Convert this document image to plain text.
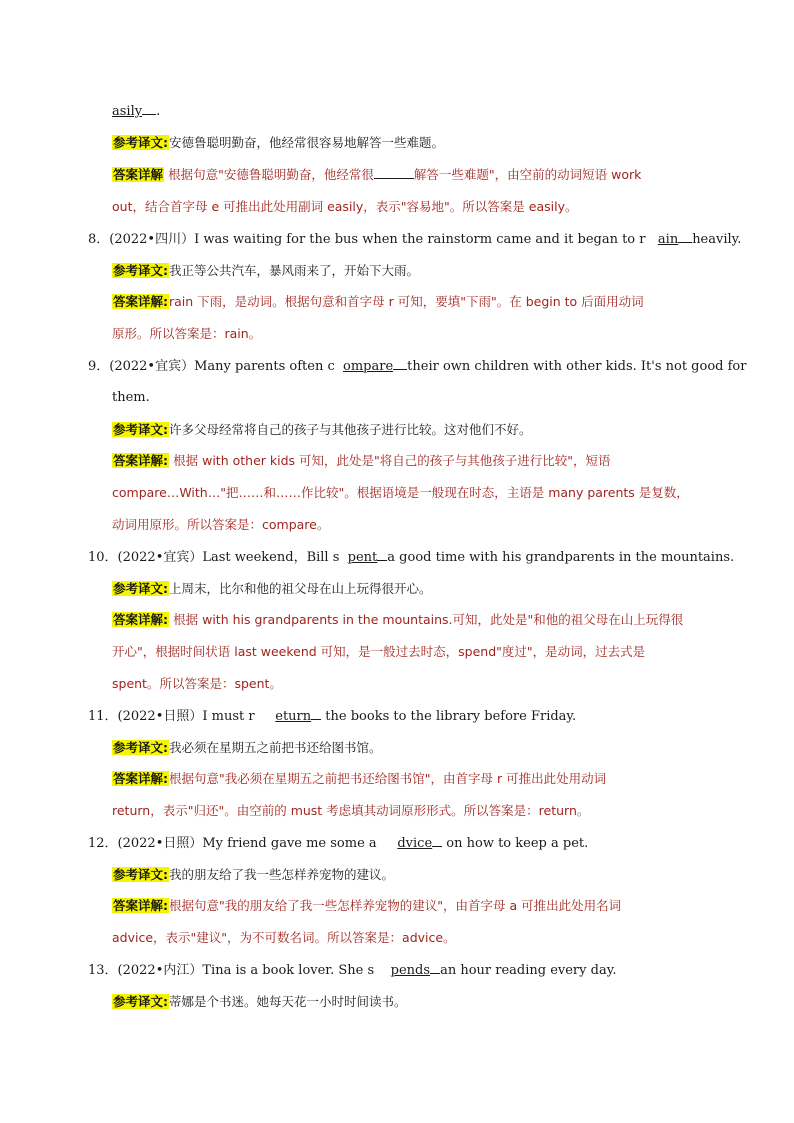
asily .
参考译文:安德鲁聪明勤奋，他经常很容易地解答一些难题。
答案详解 根据句意"安德鲁聪明勤奋，他经常很	解答一些难题"，由空前的动词短语 work
out，结合首字母 e 可推出此处用副词 easily，表示"容易地"。所以答案是 easily。
8．(2022•四川）I was waiting for the bus when the rainstorm came and it began to r ain heavily.
参考译文:我正等公共汽车，暴风雨来了，开始下大雨。
答案详解:rain 下雨，是动词。根据句意和首字母 r 可知，要填"下雨"。在 begin to 后面用动词
原形。所以答案是：rain。
9．(2022•宜宾）Many parents often c ompare their own children with other kids. It's not good for
them.
参考译文:许多父母经常将自己的孩子与其他孩子进行比较。这对他们不好。
答案详解: 根据 with other kids 可知，此处是"将自己的孩子与其他孩子进行比较"，短语
compare…With…"把……和……作比较"。根据语境是一般现在时态，主语是 many parents 是复数，
动词用原形。所以答案是：compare。
10．(2022•宜宾）Last weekend，Bill s pent a good time with his grandparents in the mountains.
参考译文:上周末，比尔和他的祖父母在山上玩得很开心。
答案详解: 根据 with his grandparents in the mountains.可知，此处是"和他的祖父母在山上玩得很
开心"，根据时间状语 last weekend 可知，是一般过去时态，spend"度过"，是动词，过去式是
spent。所以答案是：spent。
11．(2022•日照）I must r eturn the books to the library before Friday.
参考译文:我必须在星期五之前把书还给图书馆。
答案详解:根据句意"我必须在星期五之前把书还给图书馆"，由首字母 r 可推出此处用动词
return，表示"归还"。由空前的 must 考虑填其动词原形形式。所以答案是：return。
12．(2022•日照）My friend gave me some a dvice on how to keep a pet.
参考译文:我的朋友给了我一些怎样养宠物的建议。
答案详解:根据句意"我的朋友给了我一些怎样养宠物的建议"，由首字母 a 可推出此处用名词
advice，表示"建议"，为不可数名词。所以答案是：advice。
13．(2022•内江）Tina is a book lover. She s pends an hour reading every day.
参考译文:蒂娜是个书迷。她每天花一小时时间读书。
